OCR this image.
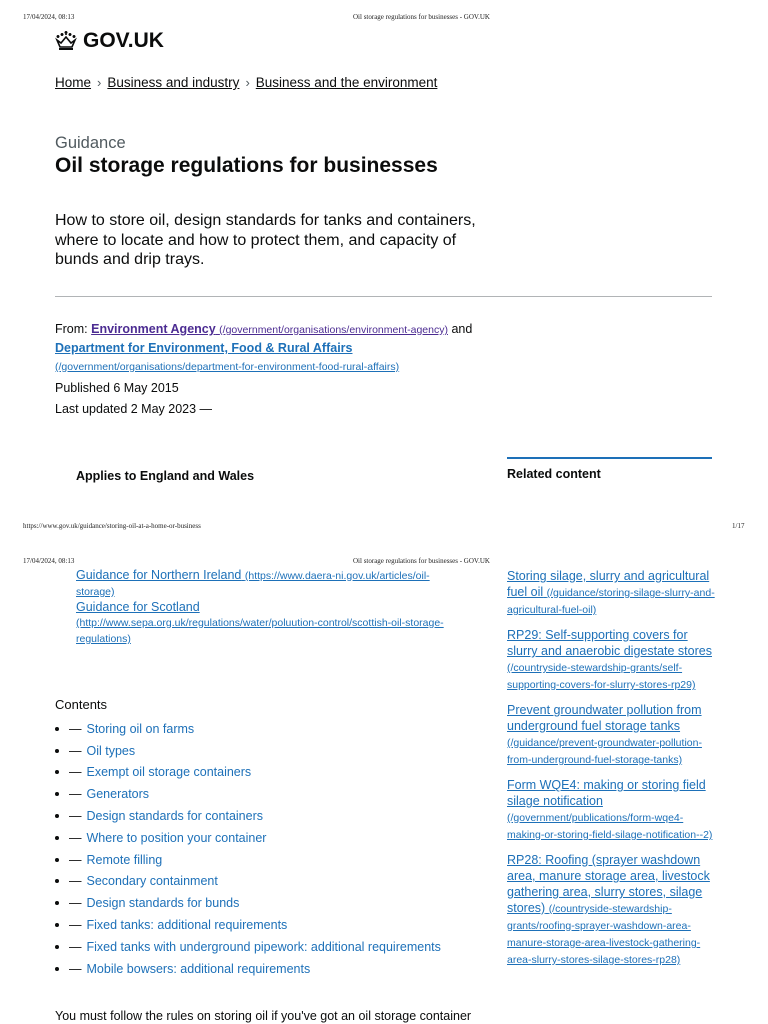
17/04/2024, 08:13	Oil storage regulations for businesses - GOV.UK
GOV.UK
Home › Business and industry › Business and the environment
Guidance
Oil storage regulations for businesses

How to store oil, design standards for tanks and containers, where to locate and how to protect them, and capacity of bunds and drip trays.

From: Environment Agency (/government/organisations/environment-agency) and Department for Environment, Food & Rural Affairs (/government/organisations/department-for-environment-food-rural-affairs)
Published 6 May 2015
Last updated 2 May 2023 —
Applies to England and Wales	Related content
https://www.gov.uk/guidance/storing-oil-at-a-home-or-business	1/17
17/04/2024, 08:13	Oil storage regulations for businesses - GOV.UK
Guidance for Northern Ireland (https://www.daera-ni.gov.uk/articles/oil-storage)
Guidance for Scotland
(http://www.sepa.org.uk/regulations/water/poluution-control/scottish-oil-storage-regulations)
Contents
— Storing oil on farms
— Oil types
— Exempt oil storage containers
— Generators
— Design standards for containers
— Where to position your container
— Remote filling
— Secondary containment
— Design standards for bunds
— Fixed tanks: additional requirements
— Fixed tanks with underground pipework: additional requirements
— Mobile bowsers: additional requirements
You must follow the rules on storing oil if you've got an oil storage container
Storing silage, slurry and agricultural fuel oil (/guidance/storing-silage-slurry-and-agricultural-fuel-oil)
RP29: Self-supporting covers for slurry and anaerobic digestate stores (/countryside-stewardship-grants/self-supporting-covers-for-slurry-stores-rp29)
Prevent groundwater pollution from underground fuel storage tanks (/guidance/prevent-groundwater-pollution-from-underground-fuel-storage-tanks)
Form WQE4: making or storing field silage notification (/government/publications/form-wqe4-making-or-storing-field-silage-notification--2)
RP28: Roofing (sprayer washdown area, manure storage area, livestock gathering area, slurry stores, silage stores) (/countryside-stewardship-grants/roofing-sprayer-washdown-area-manure-storage-area-livestock-gathering-area-slurry-stores-silage-stores-rp28)
